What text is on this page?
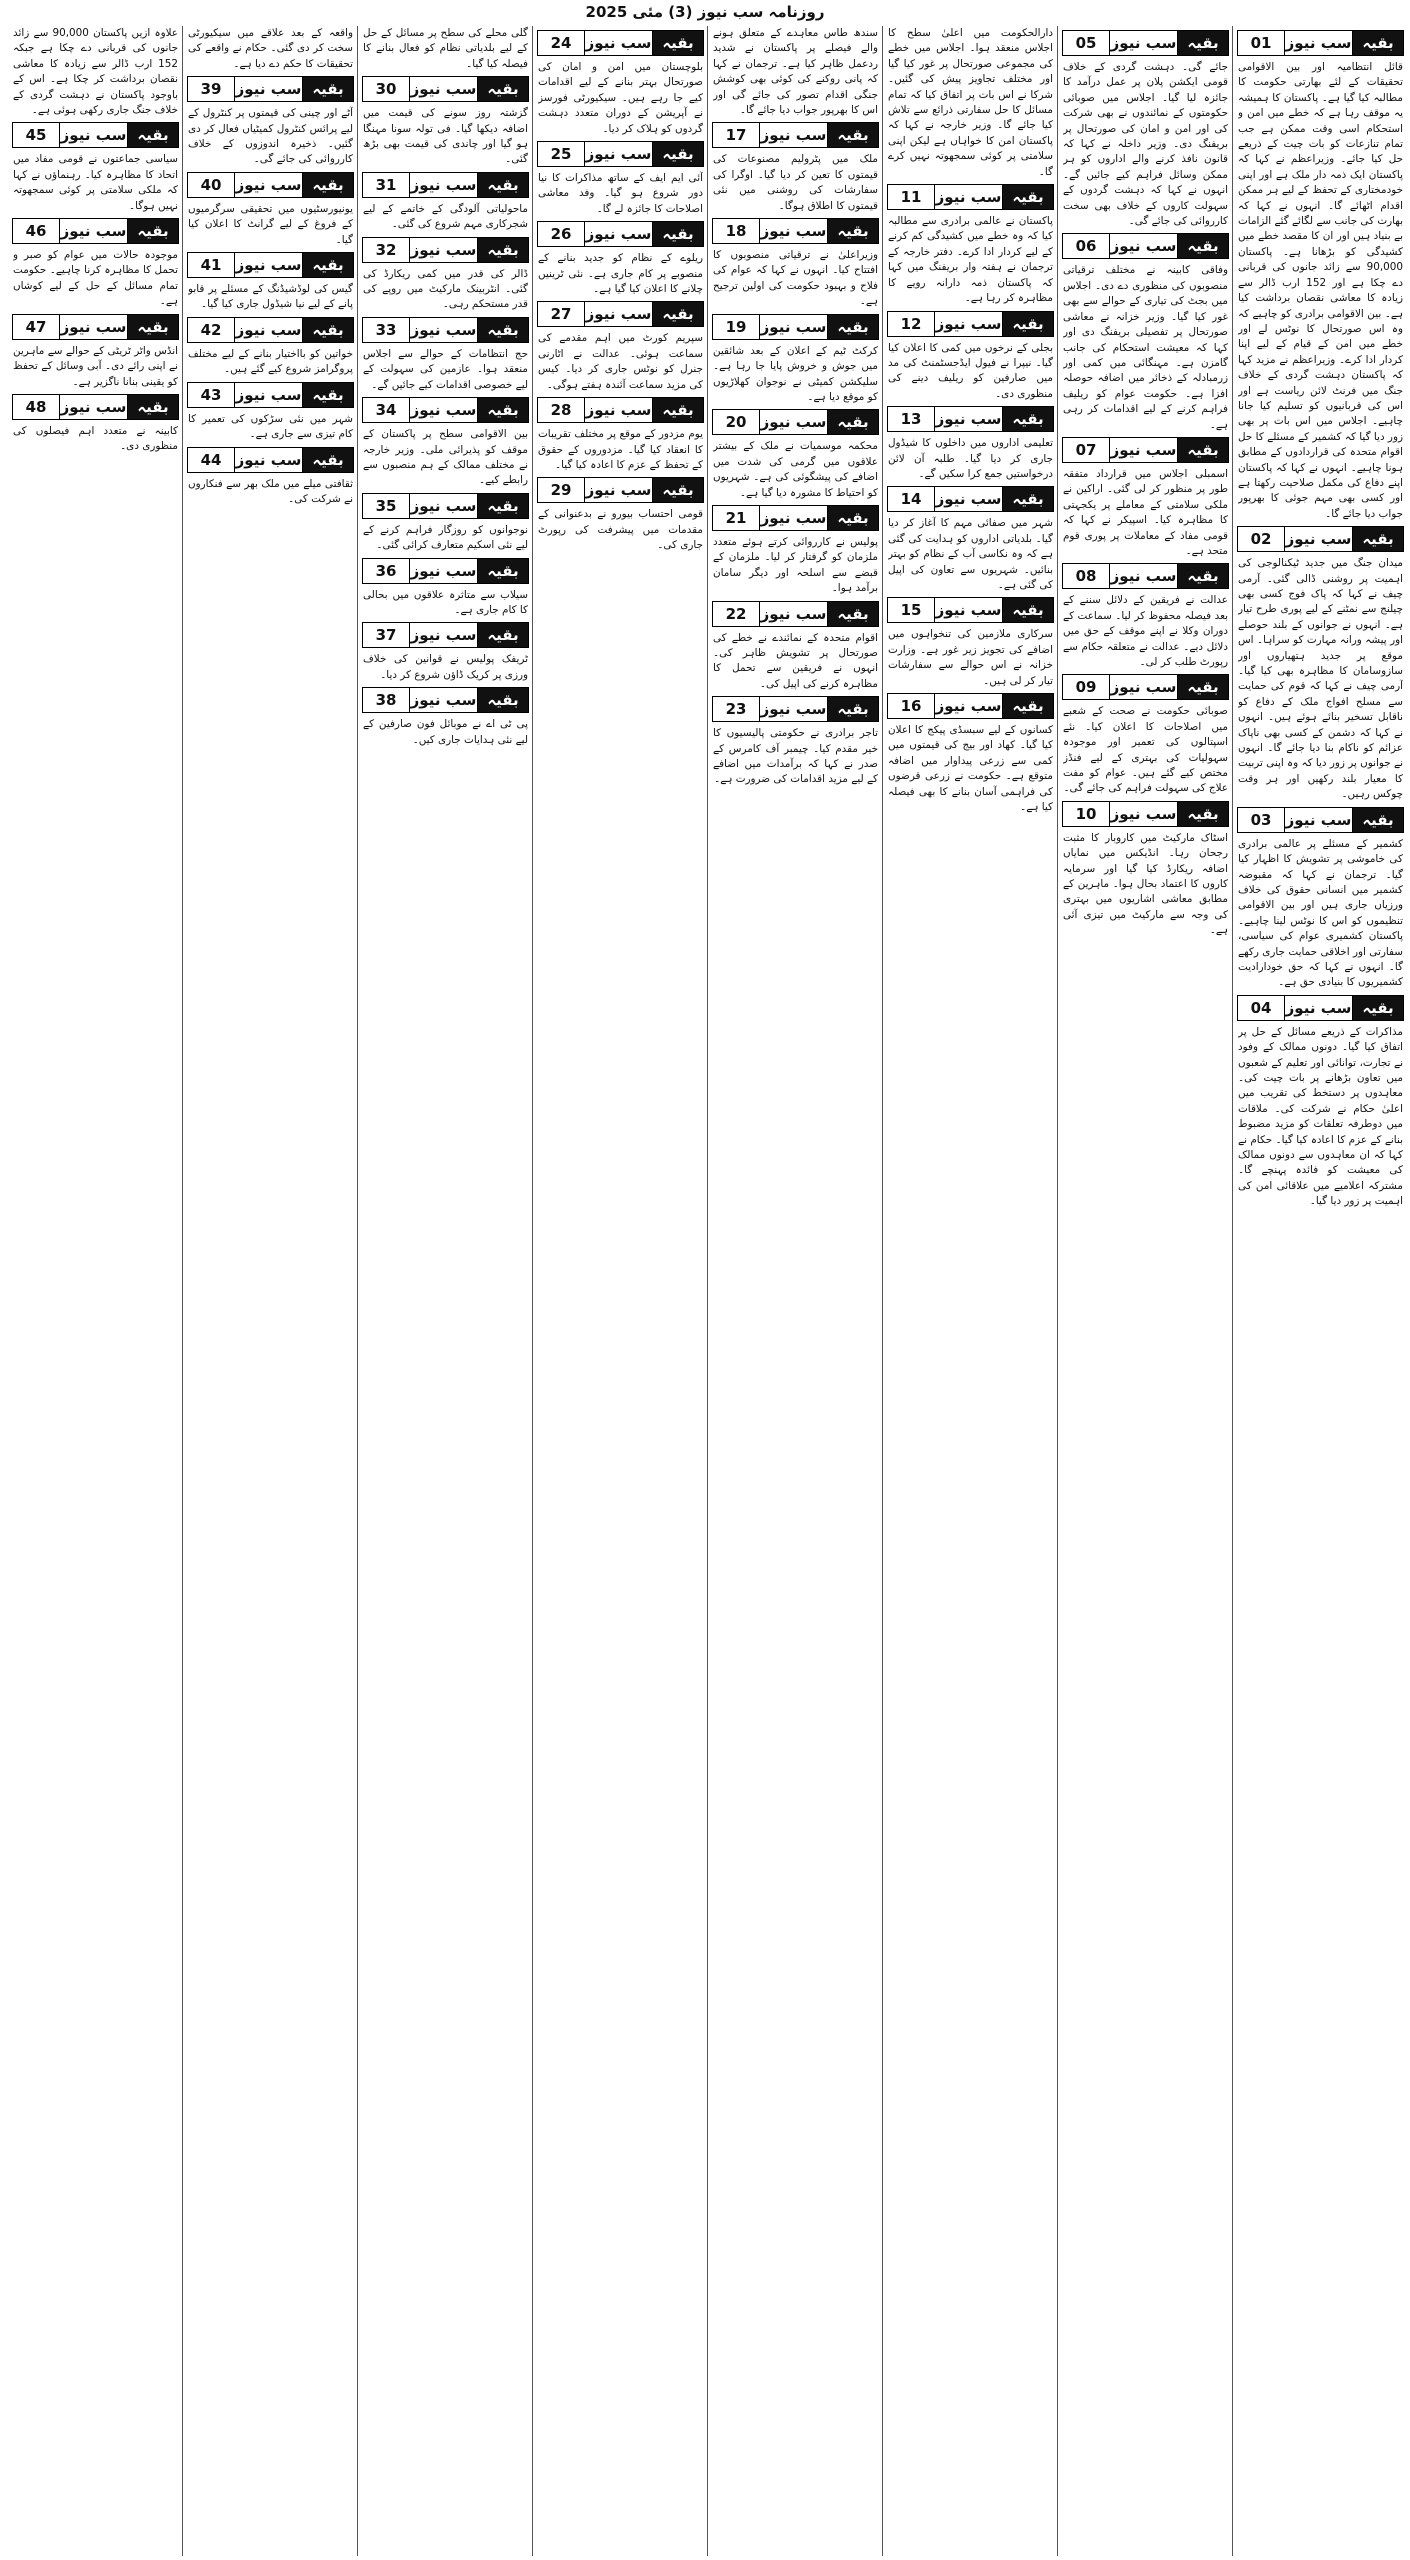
روزنامہ سب نیوز (3) مئی 2025
01 سب نیوز بقیہ

قائل انتظامیہ اور بین الاقوامی تحقیقات کے لئے بھارتی حکومت کا مطالبہ کیا گیا ہے۔ پاکستان کا ہمیشہ یہ موقف رہا ہے کہ خطے میں امن و استحکام اسی وقت ممکن ہے جب تمام تنازعات کو بات چیت کے ذریعے حل کیا جائے۔ وزیراعظم نے کہا کہ پاکستان ایک ذمہ دار ملک ہے اور اپنی خودمختاری کے تحفظ کے لیے ہر ممکن اقدام اٹھائے گا۔ انہوں نے کہا کہ بھارت کی جانب سے لگائے گئے الزامات بے بنیاد ہیں اور ان کا مقصد خطے میں کشیدگی کو بڑھانا ہے۔ پاکستان 90,000 سے زائد جانوں کی قربانی دے چکا ہے اور 152 ارب ڈالر سے زیادہ کا معاشی نقصان برداشت کیا ہے۔ بین الاقوامی برادری کو چاہیے کہ وہ اس صورتحال کا نوٹس لے اور خطے میں امن کے قیام کے لیے اپنا کردار ادا کرے۔ وزیراعظم نے مزید کہا کہ پاکستان دہشت گردی کے خلاف جنگ میں فرنٹ لائن ریاست ہے اور اس کی قربانیوں کو تسلیم کیا جانا چاہیے۔ اجلاس میں اس بات پر بھی زور دیا گیا کہ کشمیر کے مسئلے کا حل اقوام متحدہ کی قراردادوں کے مطابق ہونا چاہیے۔ انہوں نے کہا کہ پاکستان اپنے دفاع کی مکمل صلاحیت رکھتا ہے اور کسی بھی مہم جوئی کا بھرپور جواب دیا جائے گا۔

02 سب نیوز بقیہ

میدان جنگ میں جدید ٹیکنالوجی کی اہمیت پر روشنی ڈالی گئی۔ آرمی چیف نے کہا کہ پاک فوج کسی بھی چیلنج سے نمٹنے کے لیے پوری طرح تیار ہے۔ انہوں نے جوانوں کے بلند حوصلے اور پیشہ ورانہ مہارت کو سراہا۔ اس موقع پر جدید ہتھیاروں اور سازوسامان کا مظاہرہ بھی کیا گیا۔ آرمی چیف نے کہا کہ قوم کی حمایت سے مسلح افواج ملک کے دفاع کو ناقابل تسخیر بنائے ہوئے ہیں۔ انہوں نے کہا کہ دشمن کے کسی بھی ناپاک عزائم کو ناکام بنا دیا جائے گا۔ انہوں نے جوانوں پر زور دیا کہ وہ اپنی تربیت کا معیار بلند رکھیں اور ہر وقت چوکس رہیں۔

03 سب نیوز بقیہ

کشمیر کے مسئلے پر عالمی برادری کی خاموشی پر تشویش کا اظہار کیا گیا۔ ترجمان نے کہا کہ مقبوضہ کشمیر میں انسانی حقوق کی خلاف ورزیاں جاری ہیں اور بین الاقوامی تنظیموں کو اس کا نوٹس لینا چاہیے۔ پاکستان کشمیری عوام کی سیاسی، سفارتی اور اخلاقی حمایت جاری رکھے گا۔ انہوں نے کہا کہ حق خودارادیت کشمیریوں کا بنیادی حق ہے۔

04 سب نیوز بقیہ

مذاکرات کے ذریعے مسائل کے حل پر اتفاق کیا گیا۔ دونوں ممالک کے وفود نے تجارت، توانائی اور تعلیم کے شعبوں میں تعاون بڑھانے پر بات چیت کی۔ معاہدوں پر دستخط کی تقریب میں اعلیٰ حکام نے شرکت کی۔ ملاقات میں دوطرفہ تعلقات کو مزید مضبوط بنانے کے عزم کا اعادہ کیا گیا۔ حکام نے کہا کہ ان معاہدوں سے دونوں ممالک کی معیشت کو فائدہ پہنچے گا۔ مشترکہ اعلامیے میں علاقائی امن کی اہمیت پر زور دیا گیا۔

05 سب نیوز بقیہ

جائے گی۔ دہشت گردی کے خلاف قومی ایکشن پلان پر عمل درآمد کا جائزہ لیا گیا۔ اجلاس میں صوبائی حکومتوں کے نمائندوں نے بھی شرکت کی اور امن و امان کی صورتحال پر بریفنگ دی۔ وزیر داخلہ نے کہا کہ قانون نافذ کرنے والے اداروں کو ہر ممکن وسائل فراہم کیے جائیں گے۔ انہوں نے کہا کہ دہشت گردوں کے سہولت کاروں کے خلاف بھی سخت کارروائی کی جائے گی۔

06 سب نیوز بقیہ

وفاقی کابینہ نے مختلف ترقیاتی منصوبوں کی منظوری دے دی۔ اجلاس میں بجٹ کی تیاری کے حوالے سے بھی غور کیا گیا۔ وزیر خزانہ نے معاشی صورتحال پر تفصیلی بریفنگ دی اور کہا کہ معیشت استحکام کی جانب گامزن ہے۔ مہنگائی میں کمی اور زرمبادلہ کے ذخائر میں اضافہ حوصلہ افزا ہے۔ حکومت عوام کو ریلیف فراہم کرنے کے لیے اقدامات کر رہی ہے۔

07 سب نیوز بقیہ

اسمبلی اجلاس میں قرارداد متفقہ طور پر منظور کر لی گئی۔ اراکین نے ملکی سلامتی کے معاملے پر یکجہتی کا مظاہرہ کیا۔ اسپیکر نے کہا کہ قومی مفاد کے معاملات پر پوری قوم متحد ہے۔

08 سب نیوز بقیہ

عدالت نے فریقین کے دلائل سننے کے بعد فیصلہ محفوظ کر لیا۔ سماعت کے دوران وکلا نے اپنے موقف کے حق میں دلائل دیے۔ عدالت نے متعلقہ حکام سے رپورٹ طلب کر لی۔

09 سب نیوز بقیہ

صوبائی حکومت نے صحت کے شعبے میں اصلاحات کا اعلان کیا۔ نئے اسپتالوں کی تعمیر اور موجودہ سہولیات کی بہتری کے لیے فنڈز مختص کیے گئے ہیں۔ عوام کو مفت علاج کی سہولت فراہم کی جائے گی۔

10 سب نیوز بقیہ

اسٹاک مارکیٹ میں کاروبار کا مثبت رجحان رہا۔ انڈیکس میں نمایاں اضافہ ریکارڈ کیا گیا اور سرمایہ کاروں کا اعتماد بحال ہوا۔ ماہرین کے مطابق معاشی اشاریوں میں بہتری کی وجہ سے مارکیٹ میں تیزی آئی ہے۔

دارالحکومت میں اعلیٰ سطح کا اجلاس منعقد ہوا۔ اجلاس میں خطے کی مجموعی صورتحال پر غور کیا گیا اور مختلف تجاویز پیش کی گئیں۔ شرکا نے اس بات پر اتفاق کیا کہ تمام مسائل کا حل سفارتی ذرائع سے تلاش کیا جائے گا۔ وزیر خارجہ نے کہا کہ پاکستان امن کا خواہاں ہے لیکن اپنی سلامتی پر کوئی سمجھوتہ نہیں کرے گا۔

11 سب نیوز بقیہ

پاکستان نے عالمی برادری سے مطالبہ کیا کہ وہ خطے میں کشیدگی کم کرنے کے لیے کردار ادا کرے۔ دفتر خارجہ کے ترجمان نے ہفتہ وار بریفنگ میں کہا کہ پاکستان ذمہ دارانہ رویے کا مظاہرہ کر رہا ہے۔

12 سب نیوز بقیہ

بجلی کے نرخوں میں کمی کا اعلان کیا گیا۔ نیپرا نے فیول ایڈجسٹمنٹ کی مد میں صارفین کو ریلیف دینے کی منظوری دی۔

13 سب نیوز بقیہ

تعلیمی اداروں میں داخلوں کا شیڈول جاری کر دیا گیا۔ طلبہ آن لائن درخواستیں جمع کرا سکیں گے۔

14 سب نیوز بقیہ

شہر میں صفائی مہم کا آغاز کر دیا گیا۔ بلدیاتی اداروں کو ہدایت کی گئی ہے کہ وہ نکاسی آب کے نظام کو بہتر بنائیں۔ شہریوں سے تعاون کی اپیل کی گئی ہے۔

15 سب نیوز بقیہ

سرکاری ملازمین کی تنخواہوں میں اضافے کی تجویز زیر غور ہے۔ وزارت خزانہ نے اس حوالے سے سفارشات تیار کر لی ہیں۔

16 سب نیوز بقیہ

کسانوں کے لیے سبسڈی پیکج کا اعلان کیا گیا۔ کھاد اور بیج کی قیمتوں میں کمی سے زرعی پیداوار میں اضافہ متوقع ہے۔ حکومت نے زرعی قرضوں کی فراہمی آسان بنانے کا بھی فیصلہ کیا ہے۔

سندھ طاس معاہدے کے متعلق ہونے والے فیصلے پر پاکستان نے شدید ردعمل ظاہر کیا ہے۔ ترجمان نے کہا کہ پانی روکنے کی کوئی بھی کوشش جنگی اقدام تصور کی جائے گی اور اس کا بھرپور جواب دیا جائے گا۔

17 سب نیوز بقیہ

ملک میں پٹرولیم مصنوعات کی قیمتوں کا تعین کر دیا گیا۔ اوگرا کی سفارشات کی روشنی میں نئی قیمتوں کا اطلاق ہوگا۔

18 سب نیوز بقیہ

وزیراعلیٰ نے ترقیاتی منصوبوں کا افتتاح کیا۔ انہوں نے کہا کہ عوام کی فلاح و بہبود حکومت کی اولین ترجیح ہے۔

19 سب نیوز بقیہ

کرکٹ ٹیم کے اعلان کے بعد شائقین میں جوش و خروش پایا جا رہا ہے۔ سلیکشن کمیٹی نے نوجوان کھلاڑیوں کو موقع دیا ہے۔

20 سب نیوز بقیہ

محکمہ موسمیات نے ملک کے بیشتر علاقوں میں گرمی کی شدت میں اضافے کی پیشگوئی کی ہے۔ شہریوں کو احتیاط کا مشورہ دیا گیا ہے۔

21 سب نیوز بقیہ

پولیس نے کارروائی کرتے ہوئے متعدد ملزمان کو گرفتار کر لیا۔ ملزمان کے قبضے سے اسلحہ اور دیگر سامان برآمد ہوا۔

22 سب نیوز بقیہ

اقوام متحدہ کے نمائندے نے خطے کی صورتحال پر تشویش ظاہر کی۔ انہوں نے فریقین سے تحمل کا مظاہرہ کرنے کی اپیل کی۔

23 سب نیوز بقیہ

تاجر برادری نے حکومتی پالیسیوں کا خیر مقدم کیا۔ چیمبر آف کامرس کے صدر نے کہا کہ برآمدات میں اضافے کے لیے مزید اقدامات کی ضرورت ہے۔

24 سب نیوز بقیہ

بلوچستان میں امن و امان کی صورتحال بہتر بنانے کے لیے اقدامات کیے جا رہے ہیں۔ سیکیورٹی فورسز نے آپریشن کے دوران متعدد دہشت گردوں کو ہلاک کر دیا۔

25 سب نیوز بقیہ

آئی ایم ایف کے ساتھ مذاکرات کا نیا دور شروع ہو گیا۔ وفد معاشی اصلاحات کا جائزہ لے گا۔

26 سب نیوز بقیہ

ریلوے کے نظام کو جدید بنانے کے منصوبے پر کام جاری ہے۔ نئی ٹرینیں چلانے کا اعلان کیا گیا ہے۔

27 سب نیوز بقیہ

سپریم کورٹ میں اہم مقدمے کی سماعت ہوئی۔ عدالت نے اٹارنی جنرل کو نوٹس جاری کر دیا۔ کیس کی مزید سماعت آئندہ ہفتے ہوگی۔

28 سب نیوز بقیہ

یوم مزدور کے موقع پر مختلف تقریبات کا انعقاد کیا گیا۔ مزدوروں کے حقوق کے تحفظ کے عزم کا اعادہ کیا گیا۔

29 سب نیوز بقیہ

قومی احتساب بیورو نے بدعنوانی کے مقدمات میں پیشرفت کی رپورٹ جاری کی۔

گلی محلے کی سطح پر مسائل کے حل کے لیے بلدیاتی نظام کو فعال بنانے کا فیصلہ کیا گیا۔

30 سب نیوز بقیہ

گزشتہ روز سونے کی قیمت میں اضافہ دیکھا گیا۔ فی تولہ سونا مہنگا ہو گیا اور چاندی کی قیمت بھی بڑھ گئی۔

31 سب نیوز بقیہ

ماحولیاتی آلودگی کے خاتمے کے لیے شجرکاری مہم شروع کی گئی۔

32 سب نیوز بقیہ

ڈالر کی قدر میں کمی ریکارڈ کی گئی۔ انٹربینک مارکیٹ میں روپے کی قدر مستحکم رہی۔

33 سب نیوز بقیہ

حج انتظامات کے حوالے سے اجلاس منعقد ہوا۔ عازمین کی سہولت کے لیے خصوصی اقدامات کیے جائیں گے۔

34 سب نیوز بقیہ

بین الاقوامی سطح پر پاکستان کے موقف کو پذیرائی ملی۔ وزیر خارجہ نے مختلف ممالک کے ہم منصبوں سے رابطے کیے۔

35 سب نیوز بقیہ

نوجوانوں کو روزگار فراہم کرنے کے لیے نئی اسکیم متعارف کرائی گئی۔

36 سب نیوز بقیہ

سیلاب سے متاثرہ علاقوں میں بحالی کا کام جاری ہے۔

37 سب نیوز بقیہ

ٹریفک پولیس نے قوانین کی خلاف ورزی پر کریک ڈاؤن شروع کر دیا۔

38 سب نیوز بقیہ

پی ٹی اے نے موبائل فون صارفین کے لیے نئی ہدایات جاری کیں۔

واقعہ کے بعد علاقے میں سیکیورٹی سخت کر دی گئی۔ حکام نے واقعے کی تحقیقات کا حکم دے دیا ہے۔

39 سب نیوز بقیہ

آٹے اور چینی کی قیمتوں پر کنٹرول کے لیے پرائس کنٹرول کمیٹیاں فعال کر دی گئیں۔ ذخیرہ اندوزوں کے خلاف کارروائی کی جائے گی۔

40 سب نیوز بقیہ

یونیورسٹیوں میں تحقیقی سرگرمیوں کے فروغ کے لیے گرانٹ کا اعلان کیا گیا۔

41 سب نیوز بقیہ

گیس کی لوڈشیڈنگ کے مسئلے پر قابو پانے کے لیے نیا شیڈول جاری کیا گیا۔

42 سب نیوز بقیہ

خواتین کو بااختیار بنانے کے لیے مختلف پروگرامز شروع کیے گئے ہیں۔

43 سب نیوز بقیہ

شہر میں نئی سڑکوں کی تعمیر کا کام تیزی سے جاری ہے۔

44 سب نیوز بقیہ

ثقافتی میلے میں ملک بھر سے فنکاروں نے شرکت کی۔

علاوہ ازیں پاکستان 90,000 سے زائد جانوں کی قربانی دے چکا ہے جبکہ 152 ارب ڈالر سے زیادہ کا معاشی نقصان برداشت کر چکا ہے۔ اس کے باوجود پاکستان نے دہشت گردی کے خلاف جنگ جاری رکھی ہوئی ہے۔

45 سب نیوز بقیہ

سیاسی جماعتوں نے قومی مفاد میں اتحاد کا مظاہرہ کیا۔ رہنماؤں نے کہا کہ ملکی سلامتی پر کوئی سمجھوتہ نہیں ہوگا۔

46 سب نیوز بقیہ

موجودہ حالات میں عوام کو صبر و تحمل کا مظاہرہ کرنا چاہیے۔ حکومت تمام مسائل کے حل کے لیے کوشاں ہے۔

47 سب نیوز بقیہ

انڈس واٹر ٹریٹی کے حوالے سے ماہرین نے اپنی رائے دی۔ آبی وسائل کے تحفظ کو یقینی بنانا ناگزیر ہے۔

48 سب نیوز بقیہ

کابینہ نے متعدد اہم فیصلوں کی منظوری دی۔
